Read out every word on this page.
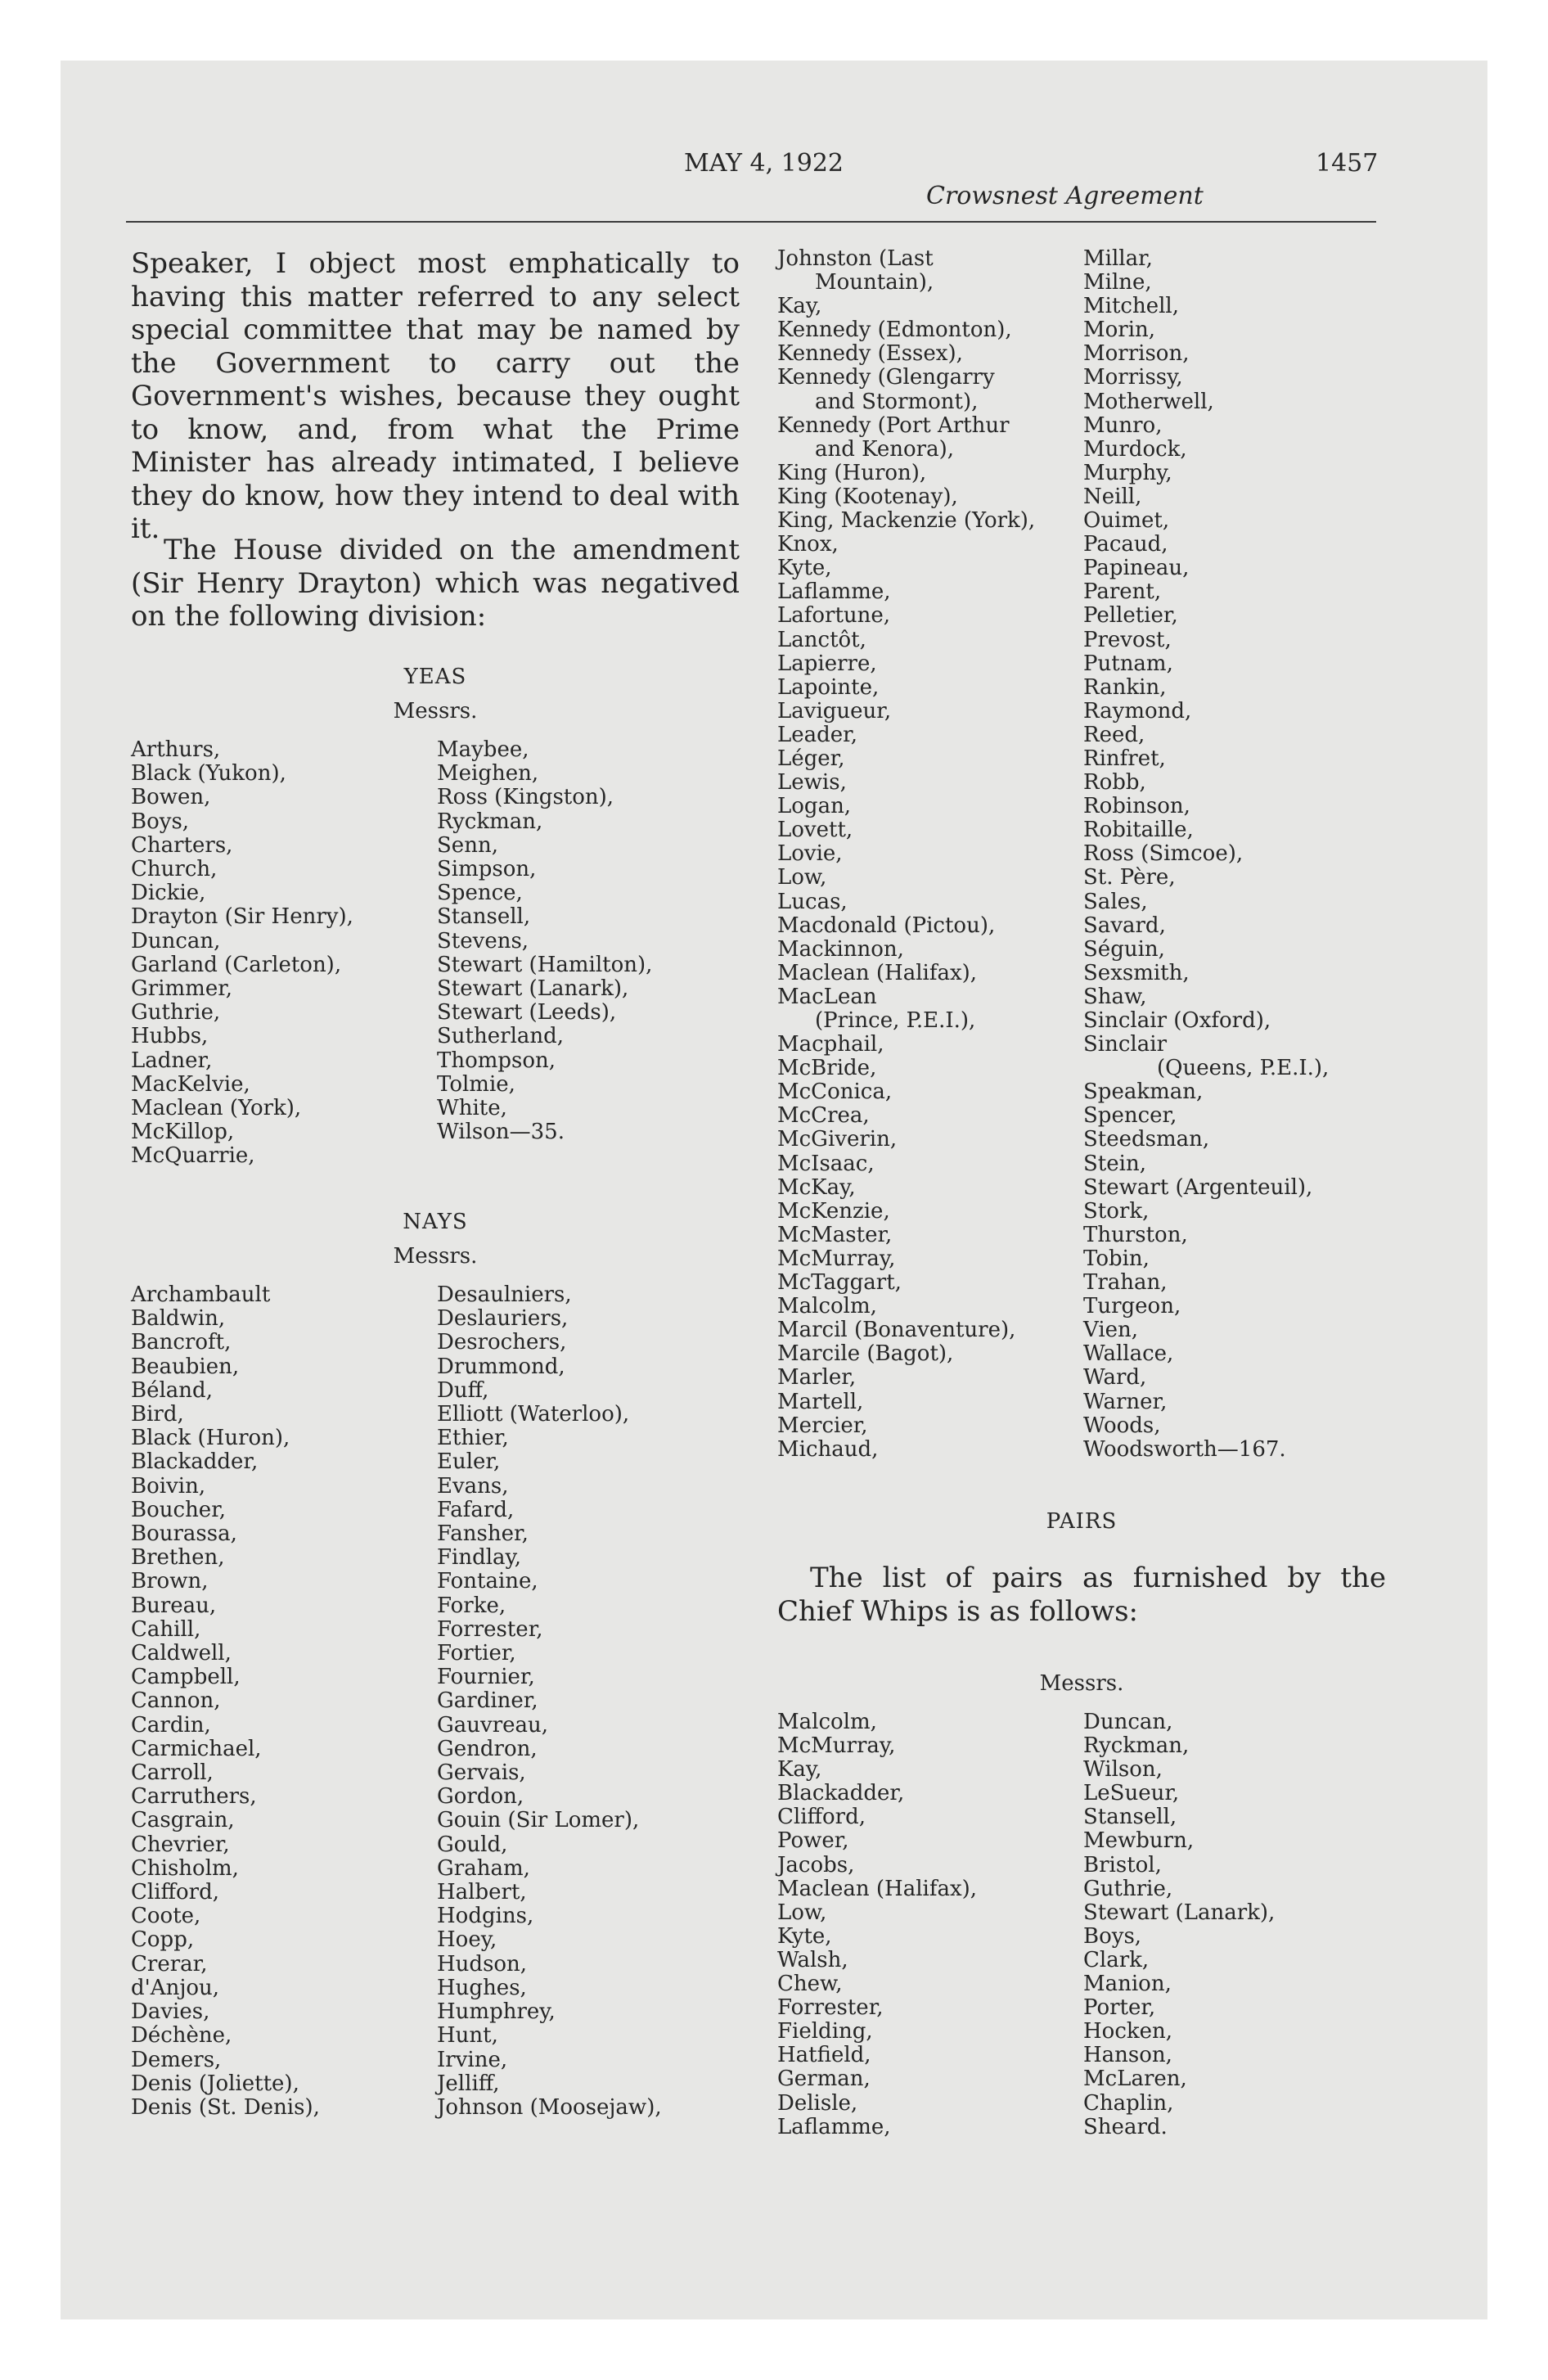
MAY 4, 1922	1457
Crowsnest Agreement
Speaker, I object most emphatically to having this matter referred to any select special committee that may be named by the Government to carry out the Government's wishes, because they ought to know, and, from what the Prime Minister has already intimated, I believe they do know, how they intend to deal with it.
The House divided on the amendment (Sir Henry Drayton) which was negatived on the following division:
YEAS
Messrs.
Arthurs,
Black (Yukon),
Bowen,
Boys,
Charters,
Church,
Dickie,
Drayton (Sir Henry),
Duncan,
Garland (Carleton),
Grimmer,
Guthrie,
Hubbs,
Ladner,
MacKelvie,
Maclean (York),
McKillop,
McQuarrie,
Maybee,
Meighen,
Ross (Kingston),
Ryckman,
Senn,
Simpson,
Spence,
Stansell,
Stevens,
Stewart (Hamilton),
Stewart (Lanark),
Stewart (Leeds),
Sutherland,
Thompson,
Tolmie,
White,
Wilson—35.
NAYS
Messrs.
Archambault
Baldwin,
Bancroft,
Beaubien,
Béland,
Bird,
Black (Huron),
Blackadder,
Boivin,
Boucher,
Bourassa,
Brethen,
Brown,
Bureau,
Cahill,
Caldwell,
Campbell,
Cannon,
Cardin,
Carmichael,
Carroll,
Carruthers,
Casgrain,
Chevrier,
Chisholm,
Clifford,
Coote,
Copp,
Crerar,
d'Anjou,
Davies,
Déchène,
Demers,
Denis (Joliette),
Denis (St. Denis),
Desaulniers,
Deslauriers,
Desrochers,
Drummond,
Duff,
Elliott (Waterloo),
Ethier,
Euler,
Evans,
Fafard,
Fansher,
Findlay,
Fontaine,
Forke,
Forrester,
Fortier,
Fournier,
Gardiner,
Gauvreau,
Gendron,
Gervais,
Gordon,
Gouin (Sir Lomer),
Gould,
Graham,
Halbert,
Hodgins,
Hoey,
Hudson,
Hughes,
Humphrey,
Hunt,
Irvine,
Jelliff,
Johnson (Moosejaw),
Johnston (Last
Mountain),
Kay,
Kennedy (Edmonton),
Kennedy (Essex),
Kennedy (Glengarry
and Stormont),
Kennedy (Port Arthur
and Kenora),
King (Huron),
King (Kootenay),
King, Mackenzie (York),
Knox,
Kyte,
Laflamme,
Lafortune,
Lanctôt,
Lapierre,
Lapointe,
Lavigueur,
Leader,
Léger,
Lewis,
Logan,
Lovett,
Lovie,
Low,
Lucas,
Macdonald (Pictou),
Mackinnon,
Maclean (Halifax),
MacLean
(Prince, P.E.I.),
Macphail,
McBride,
McConica,
McCrea,
McGiverin,
McIsaac,
McKay,
McKenzie,
McMaster,
McMurray,
McTaggart,
Malcolm,
Marcil (Bonaventure),
Marcile (Bagot),
Marler,
Martell,
Mercier,
Michaud,
Millar,
Milne,
Mitchell,
Morin,
Morrison,
Morrissy,
Motherwell,
Munro,
Murdock,
Murphy,
Neill,
Ouimet,
Pacaud,
Papineau,
Parent,
Pelletier,
Prevost,
Putnam,
Rankin,
Raymond,
Reed,
Rinfret,
Robb,
Robinson,
Robitaille,
Ross (Simcoe),
St. Père,
Sales,
Savard,
Séguin,
Sexsmith,
Shaw,
Sinclair (Oxford),
Sinclair
(Queens, P.E.I.),
Speakman,
Spencer,
Steedsman,
Stein,
Stewart (Argenteuil),
Stork,
Thurston,
Tobin,
Trahan,
Turgeon,
Vien,
Wallace,
Ward,
Warner,
Woods,
Woodsworth—167.
PAIRS
The list of pairs as furnished by the Chief Whips is as follows:
Messrs.
Malcolm,
McMurray,
Kay,
Blackadder,
Clifford,
Power,
Jacobs,
Maclean (Halifax),
Low,
Kyte,
Walsh,
Chew,
Forrester,
Fielding,
Hatfield,
German,
Delisle,
Laflamme,
Duncan,
Ryckman,
Wilson,
LeSueur,
Stansell,
Mewburn,
Bristol,
Guthrie,
Stewart (Lanark),
Boys,
Clark,
Manion,
Porter,
Hocken,
Hanson,
McLaren,
Chaplin,
Sheard.
